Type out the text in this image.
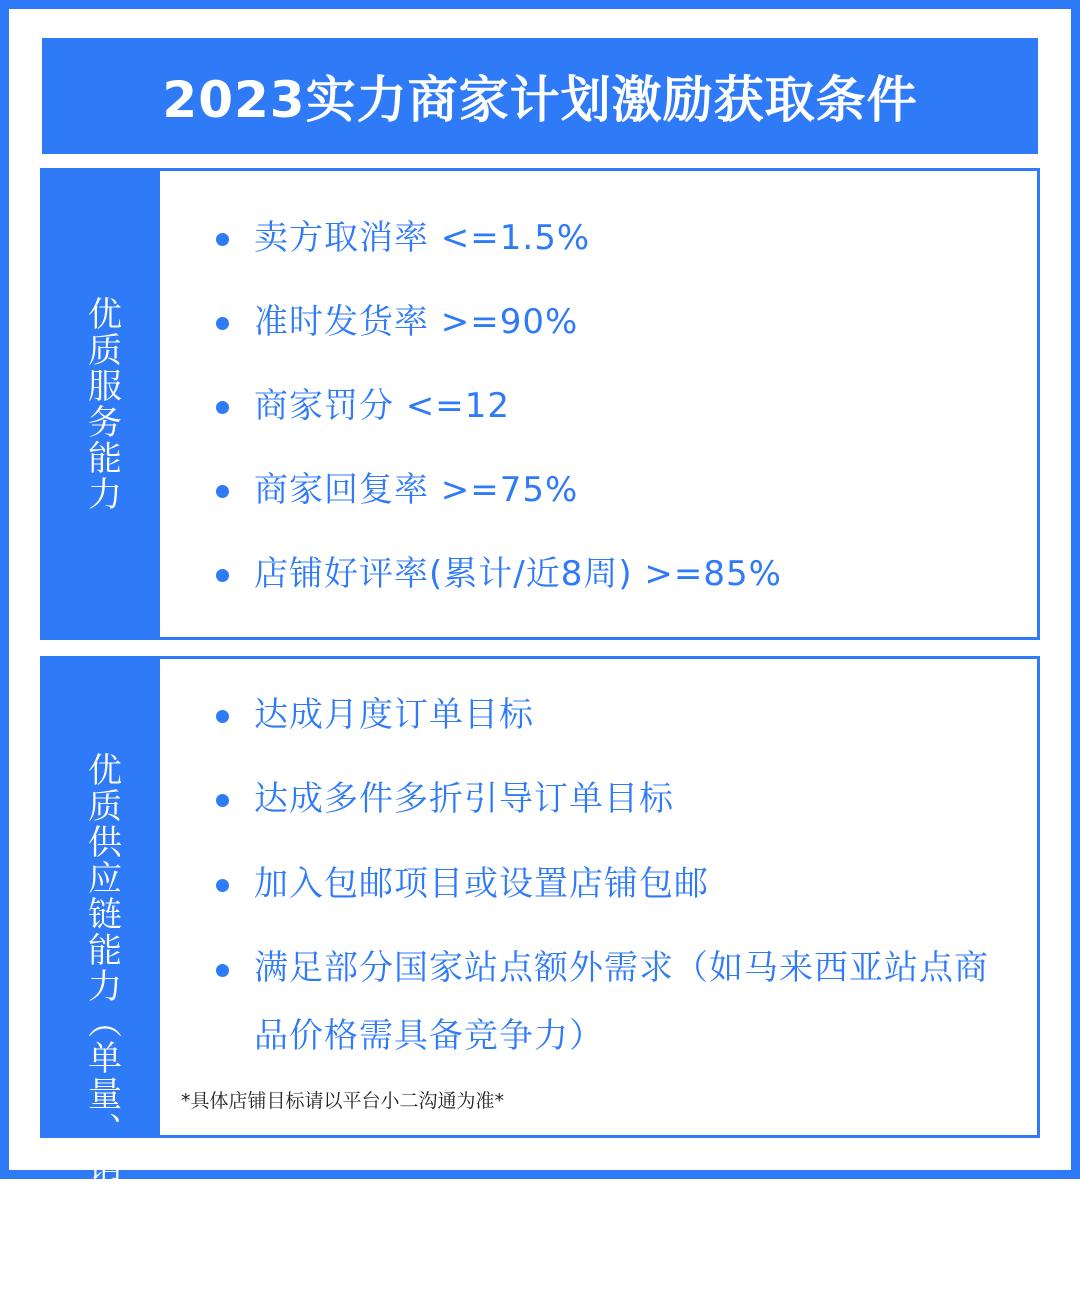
2023实力商家计划激励获取条件
优质服务能力
卖方取消率 <=1.5%
准时发货率 >=90%
商家罚分 <=12
商家回复率 >=75%
店铺好评率(累计/近8周) >=85%
优质供应链能力（单量、销售额）
达成月度订单目标
达成多件多折引导订单目标
加入包邮项目或设置店铺包邮
满足部分国家站点额外需求（如马来西亚站点商品价格需具备竞争力）
*具体店铺目标请以平台小二沟通为准*
